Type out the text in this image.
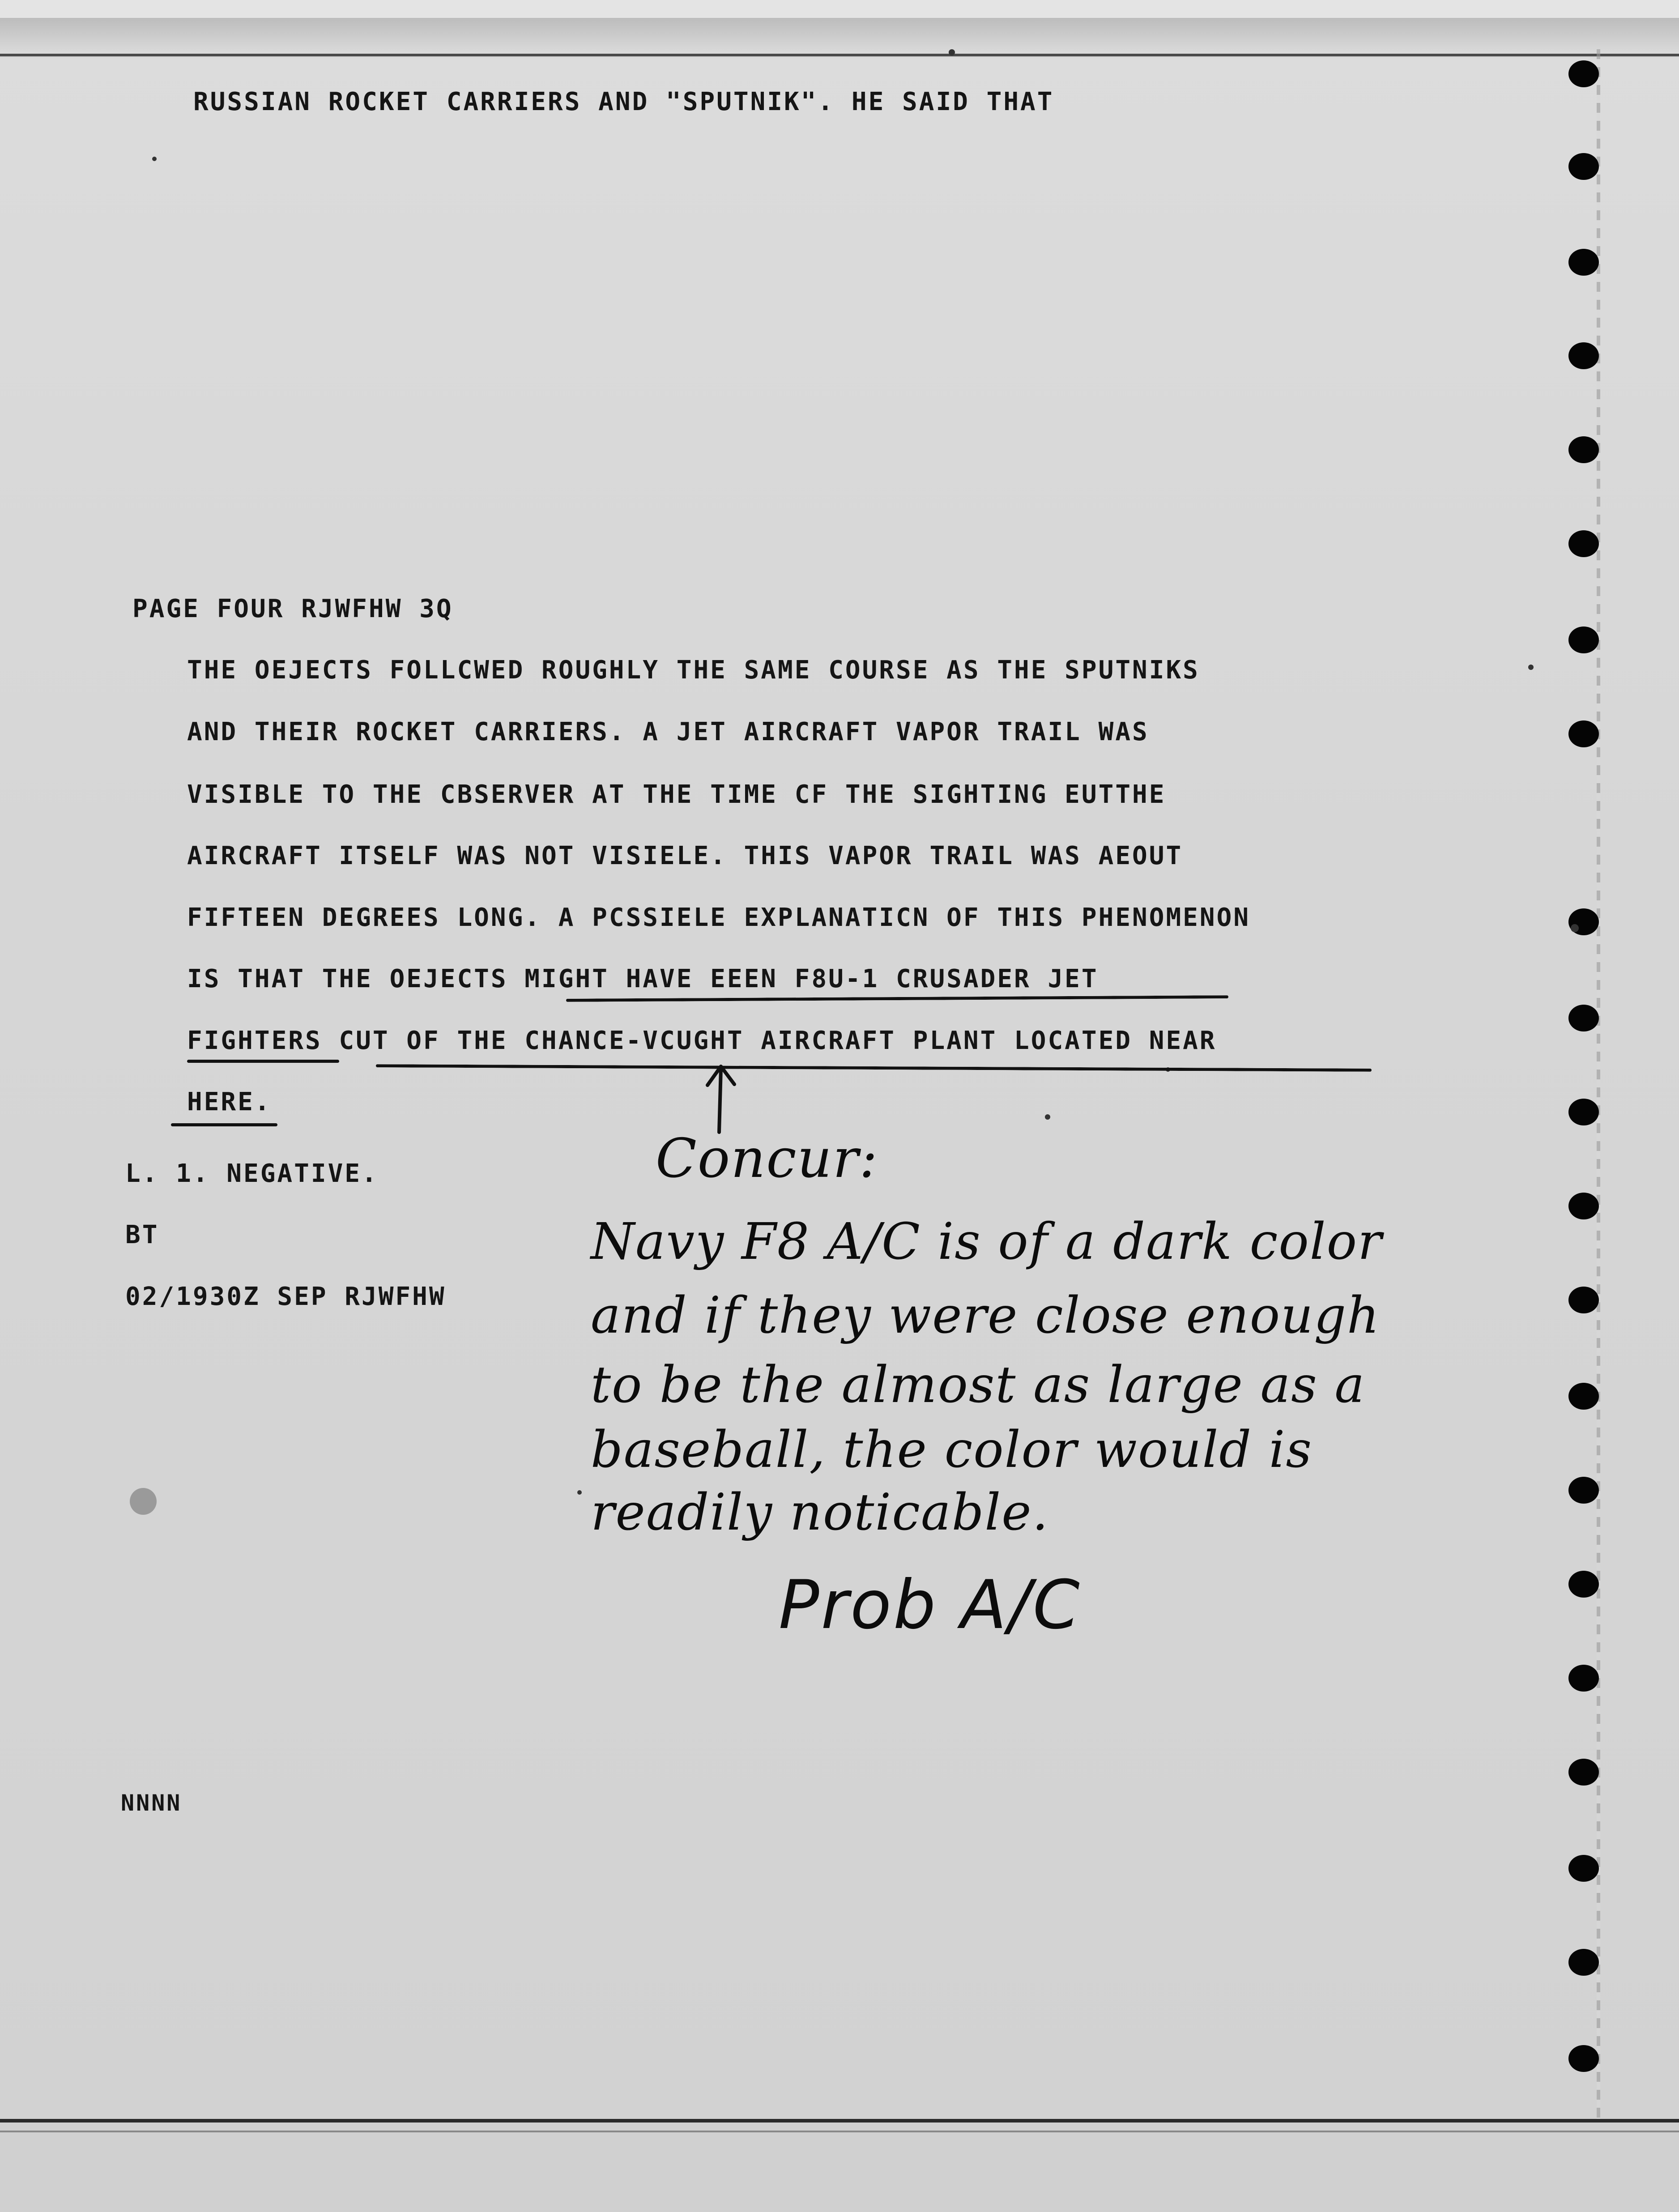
RUSSIAN ROCKET CARRIERS AND "SPUTNIK". HE SAID THAT

PAGE FOUR RJWFHW 3Q

THE OEJECTS FOLLCWED ROUGHLY THE SAME COURSE AS THE SPUTNIKS

AND THEIR ROCKET CARRIERS. A JET AIRCRAFT VAPOR TRAIL WAS

VISIBLE TO THE CBSERVER AT THE TIME CF THE SIGHTING EUTTHE

AIRCRAFT ITSELF WAS NOT VISIELE. THIS VAPOR TRAIL WAS AEOUT

FIFTEEN DEGREES LONG. A PCSSIELE EXPLANATICN OF THIS PHENOMENON

IS THAT THE OEJECTS MIGHT HAVE EEEN F8U-1 CRUSADER JET

FIGHTERS CUT OF THE CHANCE-VCUGHT AIRCRAFT PLANT LOCATED NEAR

HERE.

L. 1. NEGATIVE.

BT

02/1930Z SEP RJWFHW

NNNN

Concur:

Navy F8 A/C is of a dark color

and if they were close enough

to be the almost as large as a

baseball, the color would is

readily noticable.

Prob A/C
